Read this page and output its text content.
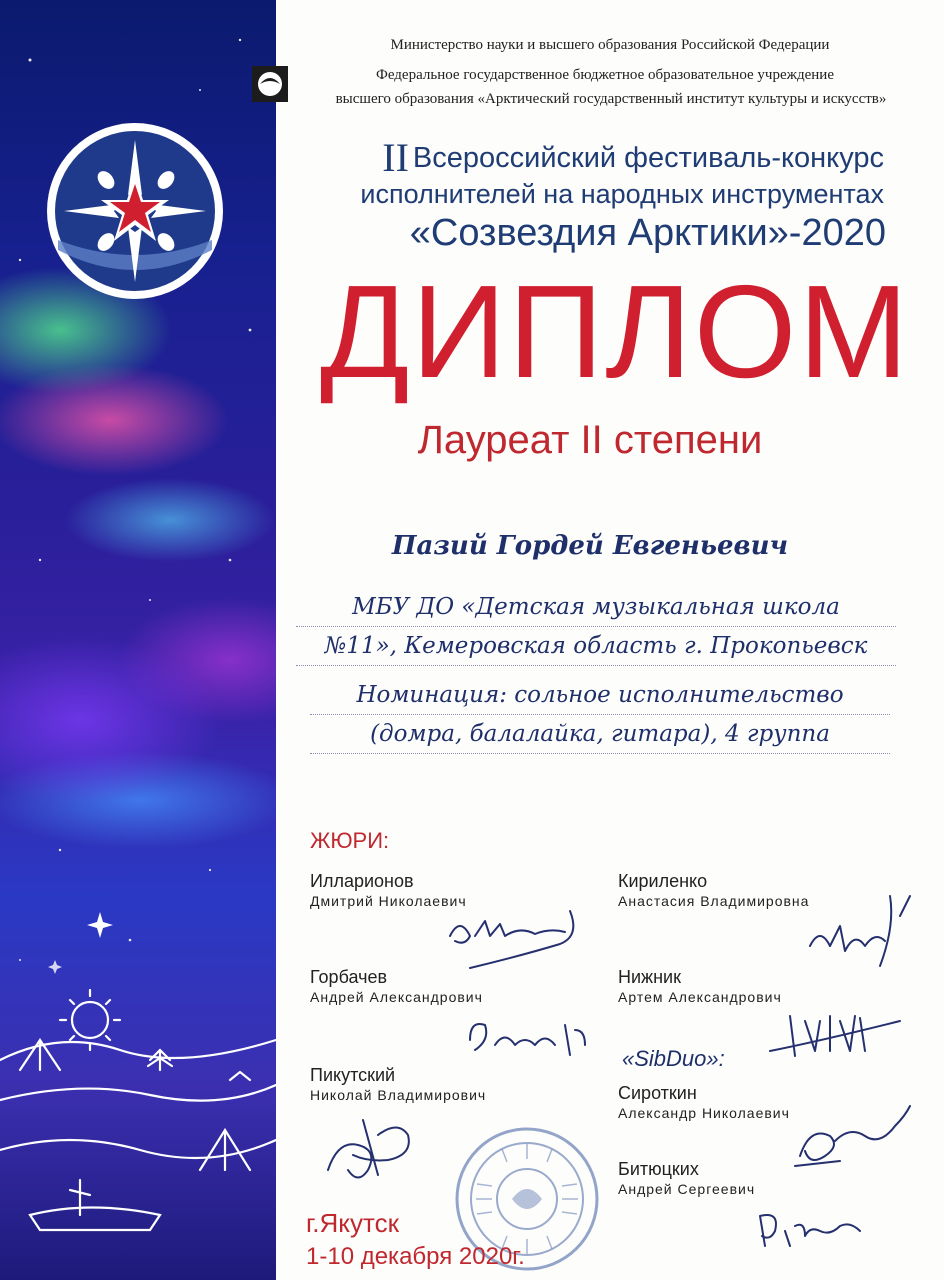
Министерство науки и высшего образования Российской Федерации
Федеральное государственное бюджетное образовательное учреждение
высшего образования «Арктический государственный институт культуры и искусств»
II Всероссийский фестиваль-конкурс
исполнителей на народных инструментах
«Созвездия Арктики»-2020
ДИПЛОМ
Лауреат II степени
Пазий Гордей Евгеньевич
МБУ ДО «Детская музыкальная школа
№11», Кемеровская область г. Прокопьевск
Номинация: сольное исполнительство
(домра, балалайка, гитара), 4 группа
ЖЮРИ:
Илларионов
Дмитрий Николаевич
Горбачев
Андрей Александрович
Пикутский
Николай Владимирович
Кириленко
Анастасия Владимировна
Нижник
Артем Александрович
«SibDuo»:
Сироткин
Александр Николаевич
Битюцких
Андрей Сергеевич
г.Якутск
1-10 декабря 2020г.
